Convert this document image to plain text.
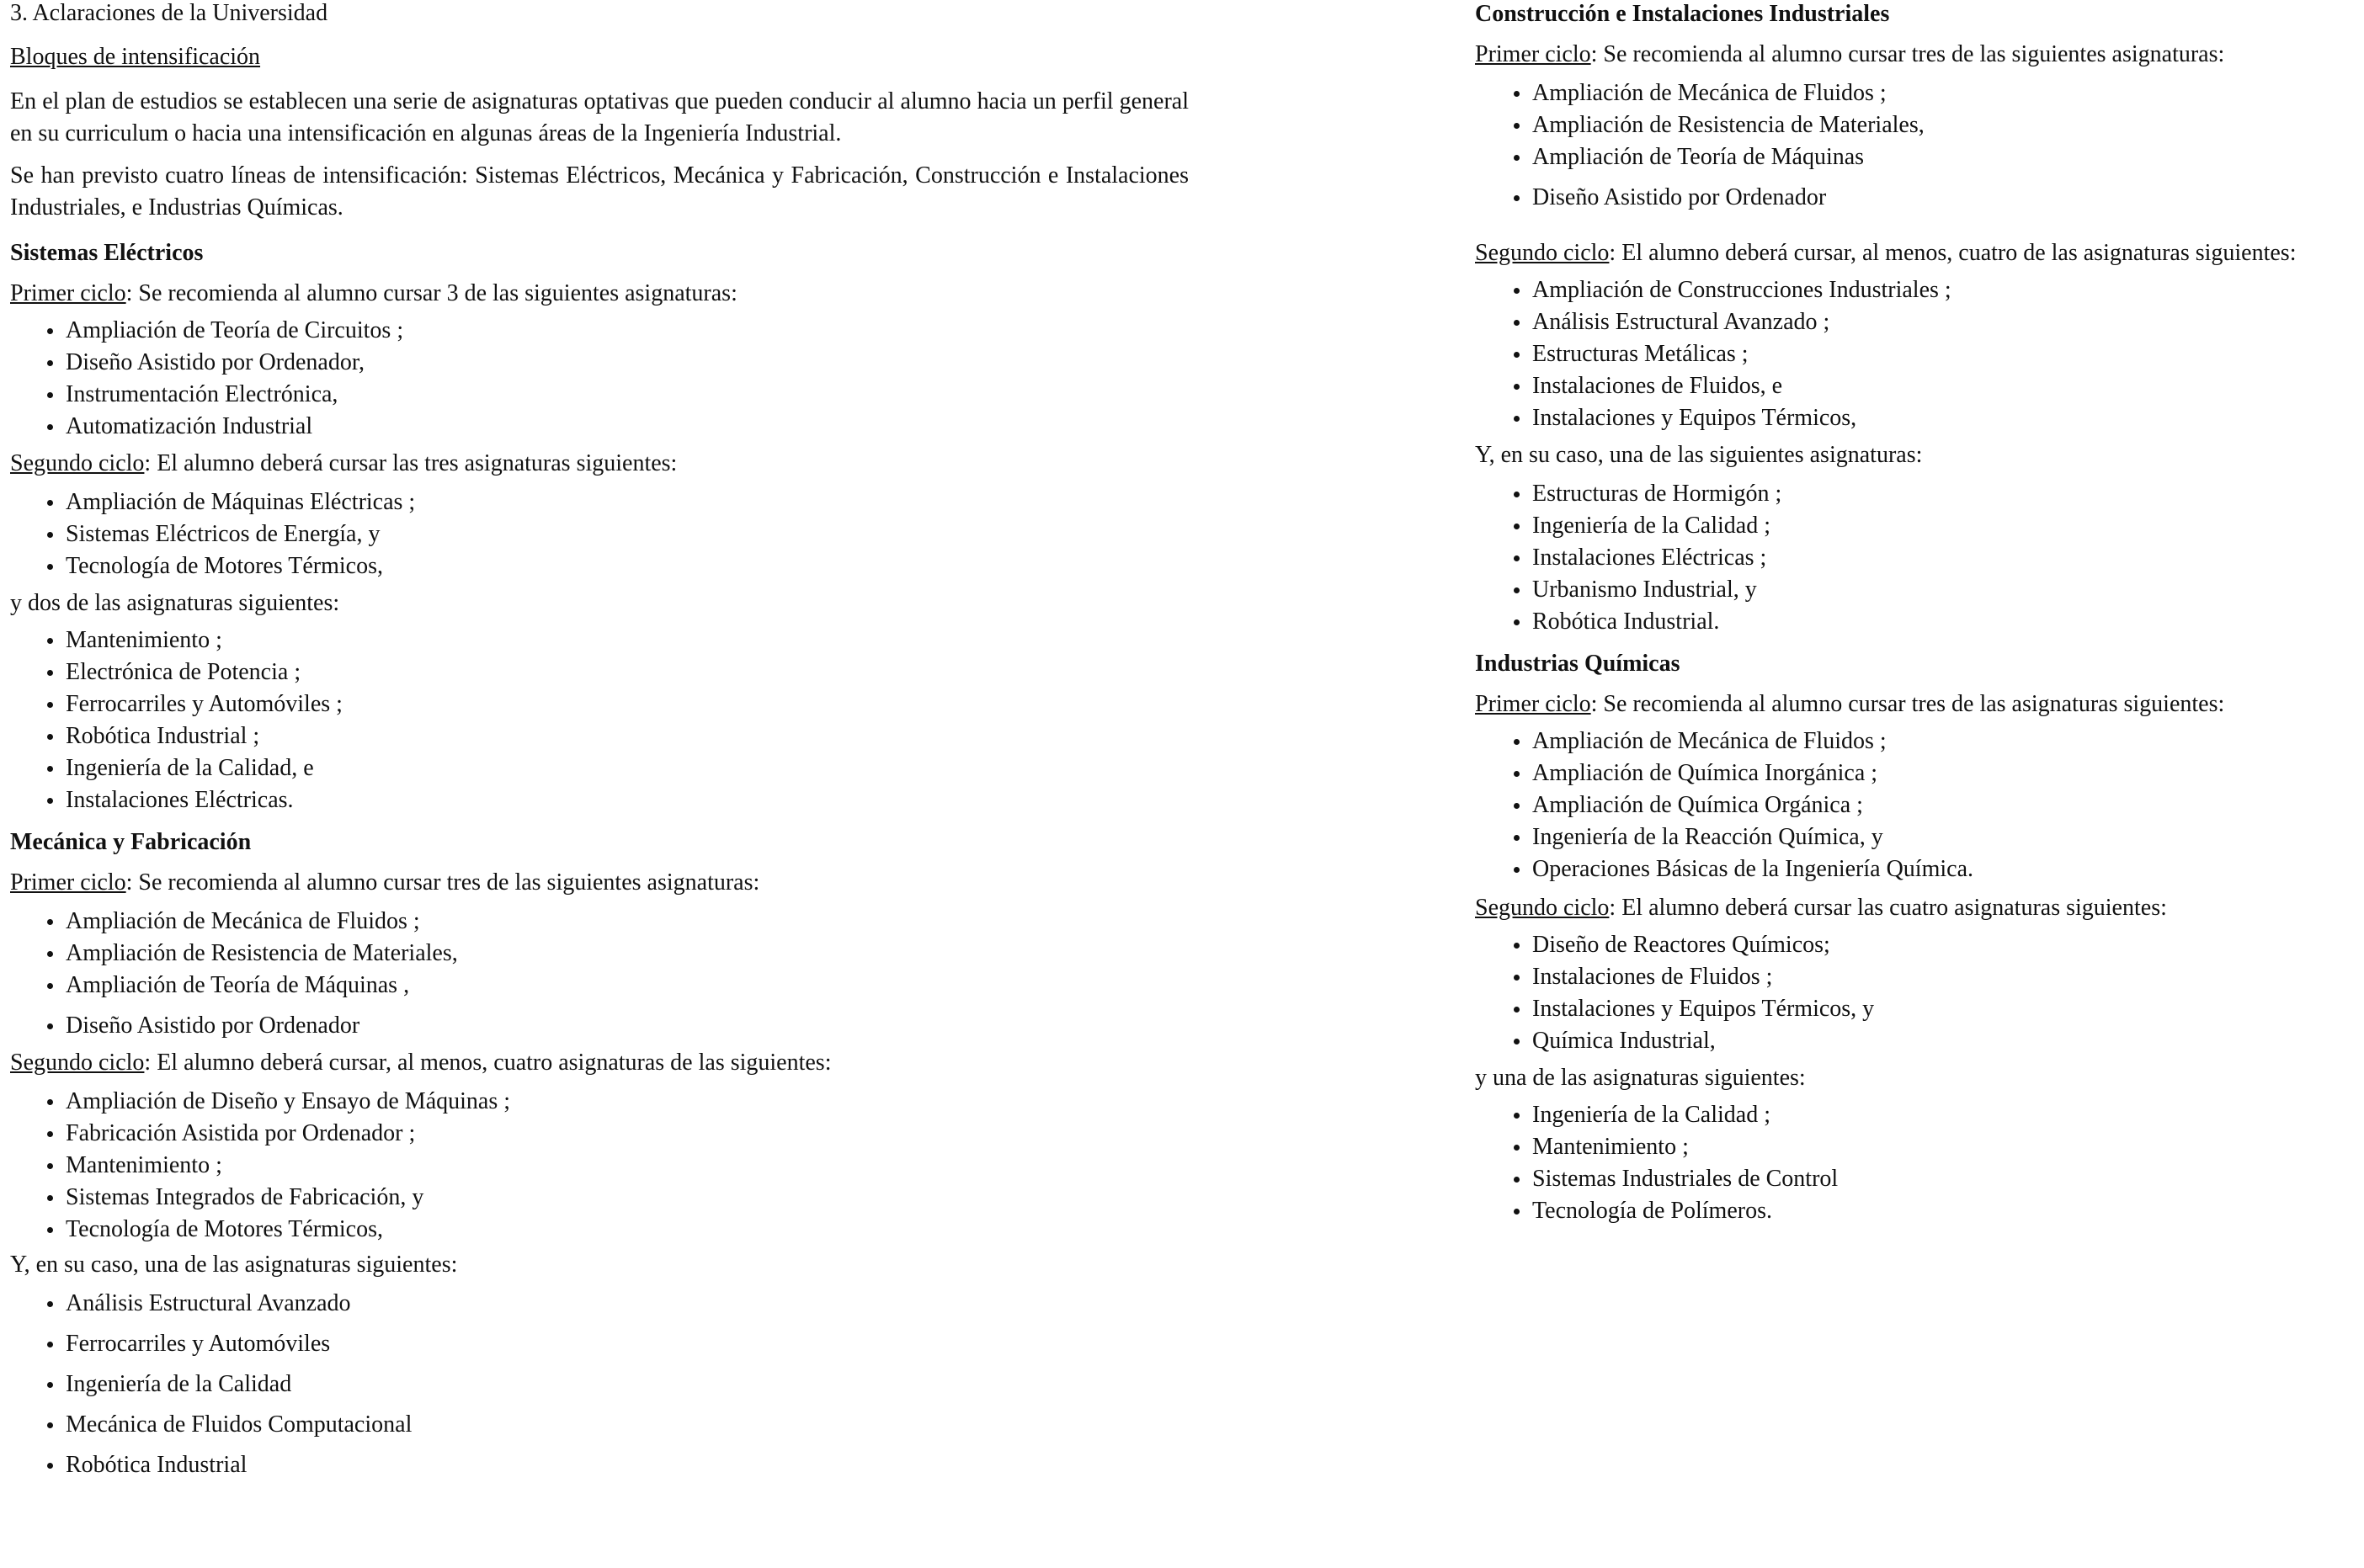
3. Aclaraciones de la Universidad

Bloques de intensificación

En el plan de estudios se establecen una serie de asignaturas optativas que pueden conducir al alumno hacia un perfil general en su curriculum o hacia una intensificación en algunas áreas de la Ingeniería Industrial.

Se han previsto cuatro líneas de intensificación: Sistemas Eléctricos, Mecánica y Fabricación, Construcción e Instalaciones Industriales, e Industrias Químicas.

Sistemas Eléctricos

Primer ciclo: Se recomienda al alumno cursar 3 de las siguientes asignaturas:

Ampliación de Teoría de Circuitos ;
Diseño Asistido por Ordenador,
Instrumentación Electrónica,
Automatización Industrial

Segundo ciclo: El alumno deberá cursar las tres asignaturas siguientes:

Ampliación de Máquinas Eléctricas ;
Sistemas Eléctricos de Energía, y
Tecnología de Motores Térmicos,

y dos de las asignaturas siguientes:

Mantenimiento ;
Electrónica de Potencia ;
Ferrocarriles y Automóviles ;
Robótica Industrial ;
Ingeniería de la Calidad, e
Instalaciones Eléctricas.

Mecánica y Fabricación

Primer ciclo: Se recomienda al alumno cursar tres de las siguientes asignaturas:

Ampliación de Mecánica de Fluidos ;
Ampliación de Resistencia de Materiales,
Ampliación de Teoría de Máquinas ,
Diseño Asistido por Ordenador

Segundo ciclo: El alumno deberá cursar, al menos, cuatro asignaturas de las siguientes:

Ampliación de Diseño y Ensayo de Máquinas ;
Fabricación Asistida por Ordenador ;
Mantenimiento ;
Sistemas Integrados de Fabricación, y
Tecnología de Motores Térmicos,

Y, en su caso, una de las asignaturas siguientes:

Análisis Estructural Avanzado
Ferrocarriles y Automóviles
Ingeniería de la Calidad
Mecánica de Fluidos Computacional
Robótica Industrial

Construcción e Instalaciones Industriales

Primer ciclo: Se recomienda al alumno cursar tres de las siguientes asignaturas:

Ampliación de Mecánica de Fluidos ;
Ampliación de Resistencia de Materiales,
Ampliación de Teoría de Máquinas
Diseño Asistido por Ordenador

Segundo ciclo: El alumno deberá cursar, al menos, cuatro de las asignaturas siguientes:

Ampliación de Construcciones Industriales ;
Análisis Estructural Avanzado ;
Estructuras Metálicas ;
Instalaciones de Fluidos, e
Instalaciones y Equipos Térmicos,

Y, en su caso, una de las siguientes asignaturas:

Estructuras de Hormigón ;
Ingeniería de la Calidad ;
Instalaciones Eléctricas ;
Urbanismo Industrial, y
Robótica Industrial.

Industrias Químicas

Primer ciclo: Se recomienda al alumno cursar tres de las asignaturas siguientes:

Ampliación de Mecánica de Fluidos ;
Ampliación de Química Inorgánica ;
Ampliación de Química Orgánica ;
Ingeniería de la Reacción Química, y
Operaciones Básicas de la Ingeniería Química.

Segundo ciclo: El alumno deberá cursar las cuatro asignaturas siguientes:

Diseño de Reactores Químicos;
Instalaciones de Fluidos ;
Instalaciones y Equipos Térmicos, y
Química Industrial,

y una de las asignaturas siguientes:

Ingeniería de la Calidad ;
Mantenimiento ;
Sistemas Industriales de Control
Tecnología de Polímeros.
